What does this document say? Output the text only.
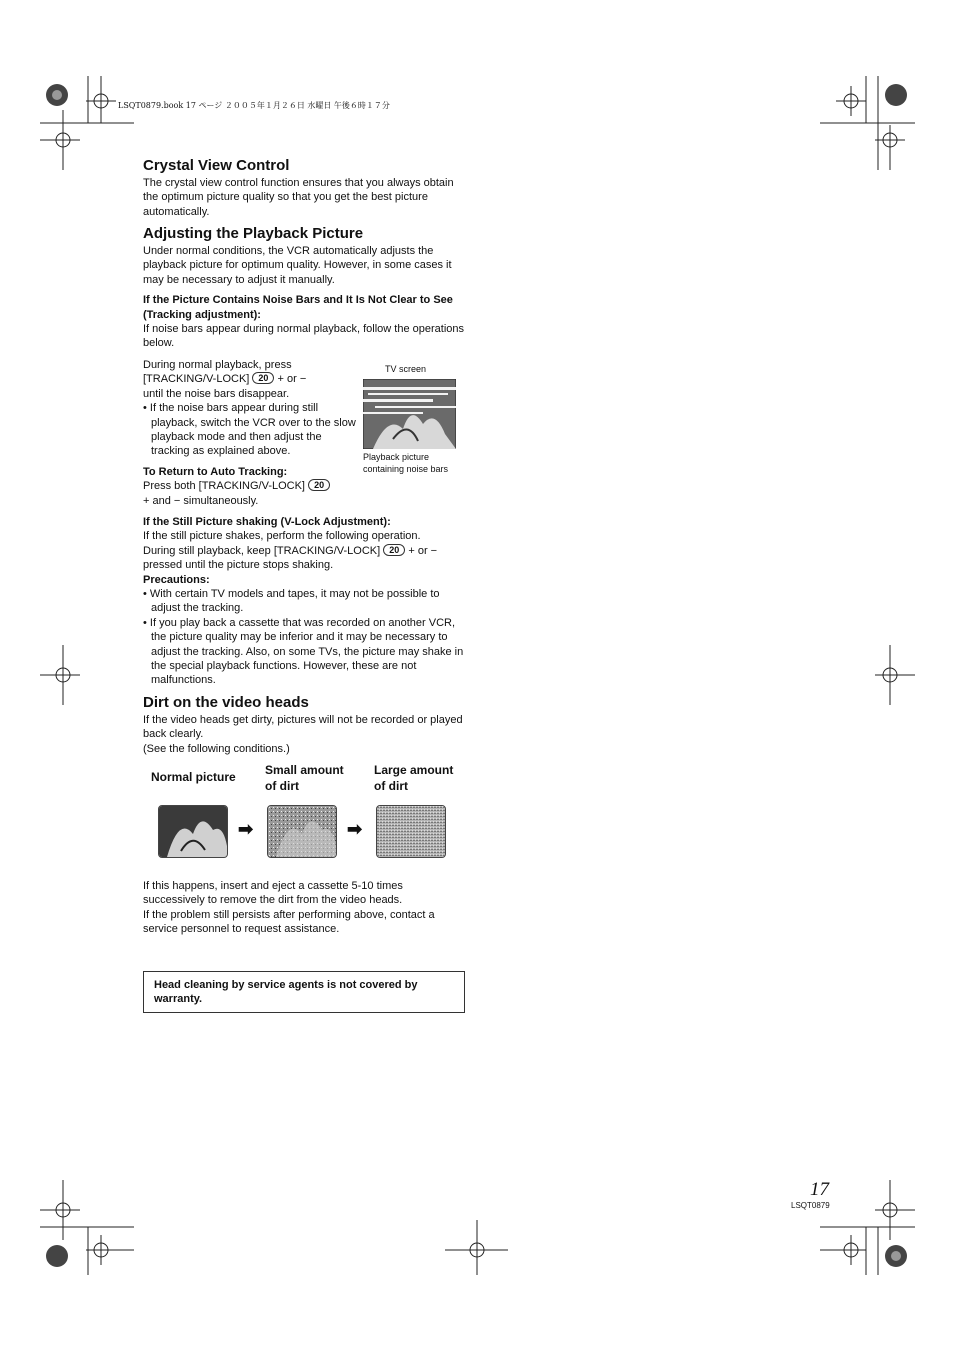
LSQT0879.book 17 ページ ２００５年１月２６日 水曜日 午後６時１７分

Crystal View Control

The crystal view control function ensures that you always obtain the optimum picture quality so that you get the best picture automatically.

Adjusting the Playback Picture

Under normal conditions, the VCR automatically adjusts the playback picture for optimum quality. However, in some cases it may be necessary to adjust it manually.

If the Picture Contains Noise Bars and It Is Not Clear to See (Tracking adjustment):

If noise bars appear during normal playback, follow the operations below.

During normal playback, press

[TRACKING/V-LOCK] 20 + or −

until the noise bars disappear.

• If the noise bars appear during still playback, switch the VCR over to the slow playback mode and then adjust the tracking as explained above.

To Return to Auto Tracking:

Press both [TRACKING/V-LOCK] 20

+ and − simultaneously.

TV screen
Playback picture
containing noise bars

If the Still Picture shaking (V-Lock Adjustment):

If the still picture shakes, perform the following operation.

During still playback, keep [TRACKING/V-LOCK] 20 + or −

pressed until the picture stops shaking.

Precautions:

• With certain TV models and tapes, it may not be possible to adjust the tracking.

• If you play back a cassette that was recorded on another VCR, the picture quality may be inferior and it may be necessary to adjust the tracking. Also, on some TVs, the picture may shake in the special playback functions. However, these are not malfunctions.

Dirt on the video heads

If the video heads get dirty, pictures will not be recorded or played back clearly.

(See the following conditions.)

Normal picture Small amount
of dirt
Large amount
of dirt
➡	➡

If this happens, insert and eject a cassette 5-10 times successively to remove the dirt from the video heads.

If the problem still persists after performing above, contact a service personnel to request assistance.

Head cleaning by service agents is not covered by warranty.
17
LSQT0879
